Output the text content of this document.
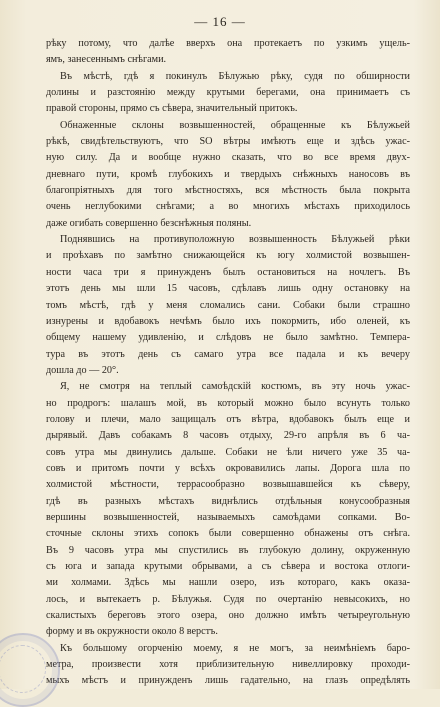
— 16 —
рѣку потому, что далѣе вверхъ она протекаетъ по узкимъ ущель-
ямъ, занесеннымъ снѣгами.
Въ мѣстѣ, гдѣ я покинулъ Бѣлужью рѣку, судя по обширности
долины и разстоянію между крутыми берегами, она принимаетъ съ
правой стороны, прямо съ сѣвера, значительный притокъ.
Обнаженные склоны возвышенностей, обращенные къ Бѣлужьей
рѣкѣ, свидѣтельствуютъ, что SO вѣтры имѣютъ еще и здѣсь ужас-
ную силу. Да и вообще нужно сказать, что во все время двух-
дневнаго пути, кромѣ глубокихъ и твердыхъ снѣжныхъ наносовъ въ
благопріятныхъ для того мѣстностяхъ, вся мѣстность была покрыта
очень неглубокими снѣгами; а во многихъ мѣстахъ приходилось
даже огибать совершенно безснѣжныя поляны.
Поднявшись на противуположную возвышенность Бѣлужьей рѣки
и проѣхавъ по замѣтно снижающейся къ югу холмистой возвышен-
ности часа три я принужденъ былъ остановиться на ночлегъ. Въ
этотъ день мы шли 15 часовъ, сдѣлавъ лишь одну остановку на
томъ мѣстѣ, гдѣ у меня сломались сани. Собаки были страшно
изнурены и вдобавокъ нечѣмъ было ихъ покормить, ибо оленей, къ
общему нашему удивленію, и слѣдовъ не было замѣтно. Темпера-
тура въ этотъ день съ самаго утра все падала и къ вечеру
дошла до — 20°.
Я, не смотря на теплый самоѣдскій костюмъ, въ эту ночь ужас-
но продрогъ: шалашъ мой, въ который можно было всунуть только
голову и плечи, мало защищалъ отъ вѣтра, вдобавокъ былъ еще и
дырявый. Давъ собакамъ 8 часовъ отдыху, 29-го апрѣля въ 6 ча-
совъ утра мы двинулись дальше. Собаки не ѣли ничего уже 35 ча-
совъ и притомъ почти у всѣхъ окровавились лапы. Дорога шла по
холмистой мѣстности, террасообразно возвышавшейся къ сѣверу,
гдѣ въ разныхъ мѣстахъ виднѣлись отдѣльныя конусообразныя
вершины возвышенностей, называемыхъ самоѣдами сопками. Во-
сточные склоны этихъ сопокъ были совершенно обнажены отъ снѣга.
Въ 9 часовъ утра мы спустились въ глубокую долину, окруженную
съ юга и запада крутыми обрывами, а съ сѣвера и востока отлоги-
ми холмами. Здѣсь мы нашли озеро, изъ котораго, какъ оказа-
лось, и вытекаетъ р. Бѣлужья. Судя по очертанію невысокихъ, но
скалистыхъ береговъ этого озера, оно должно имѣть четыреугольную
форму и въ окружности около 8 верстъ.
Къ большому огорченію моему, я не могъ, за неимѣніемъ баро-
метра, произвести хотя приблизительную нивеллировку проходи-
мыхъ мѣстъ и принужденъ лишь гадательно, на глазъ опредѣлять
